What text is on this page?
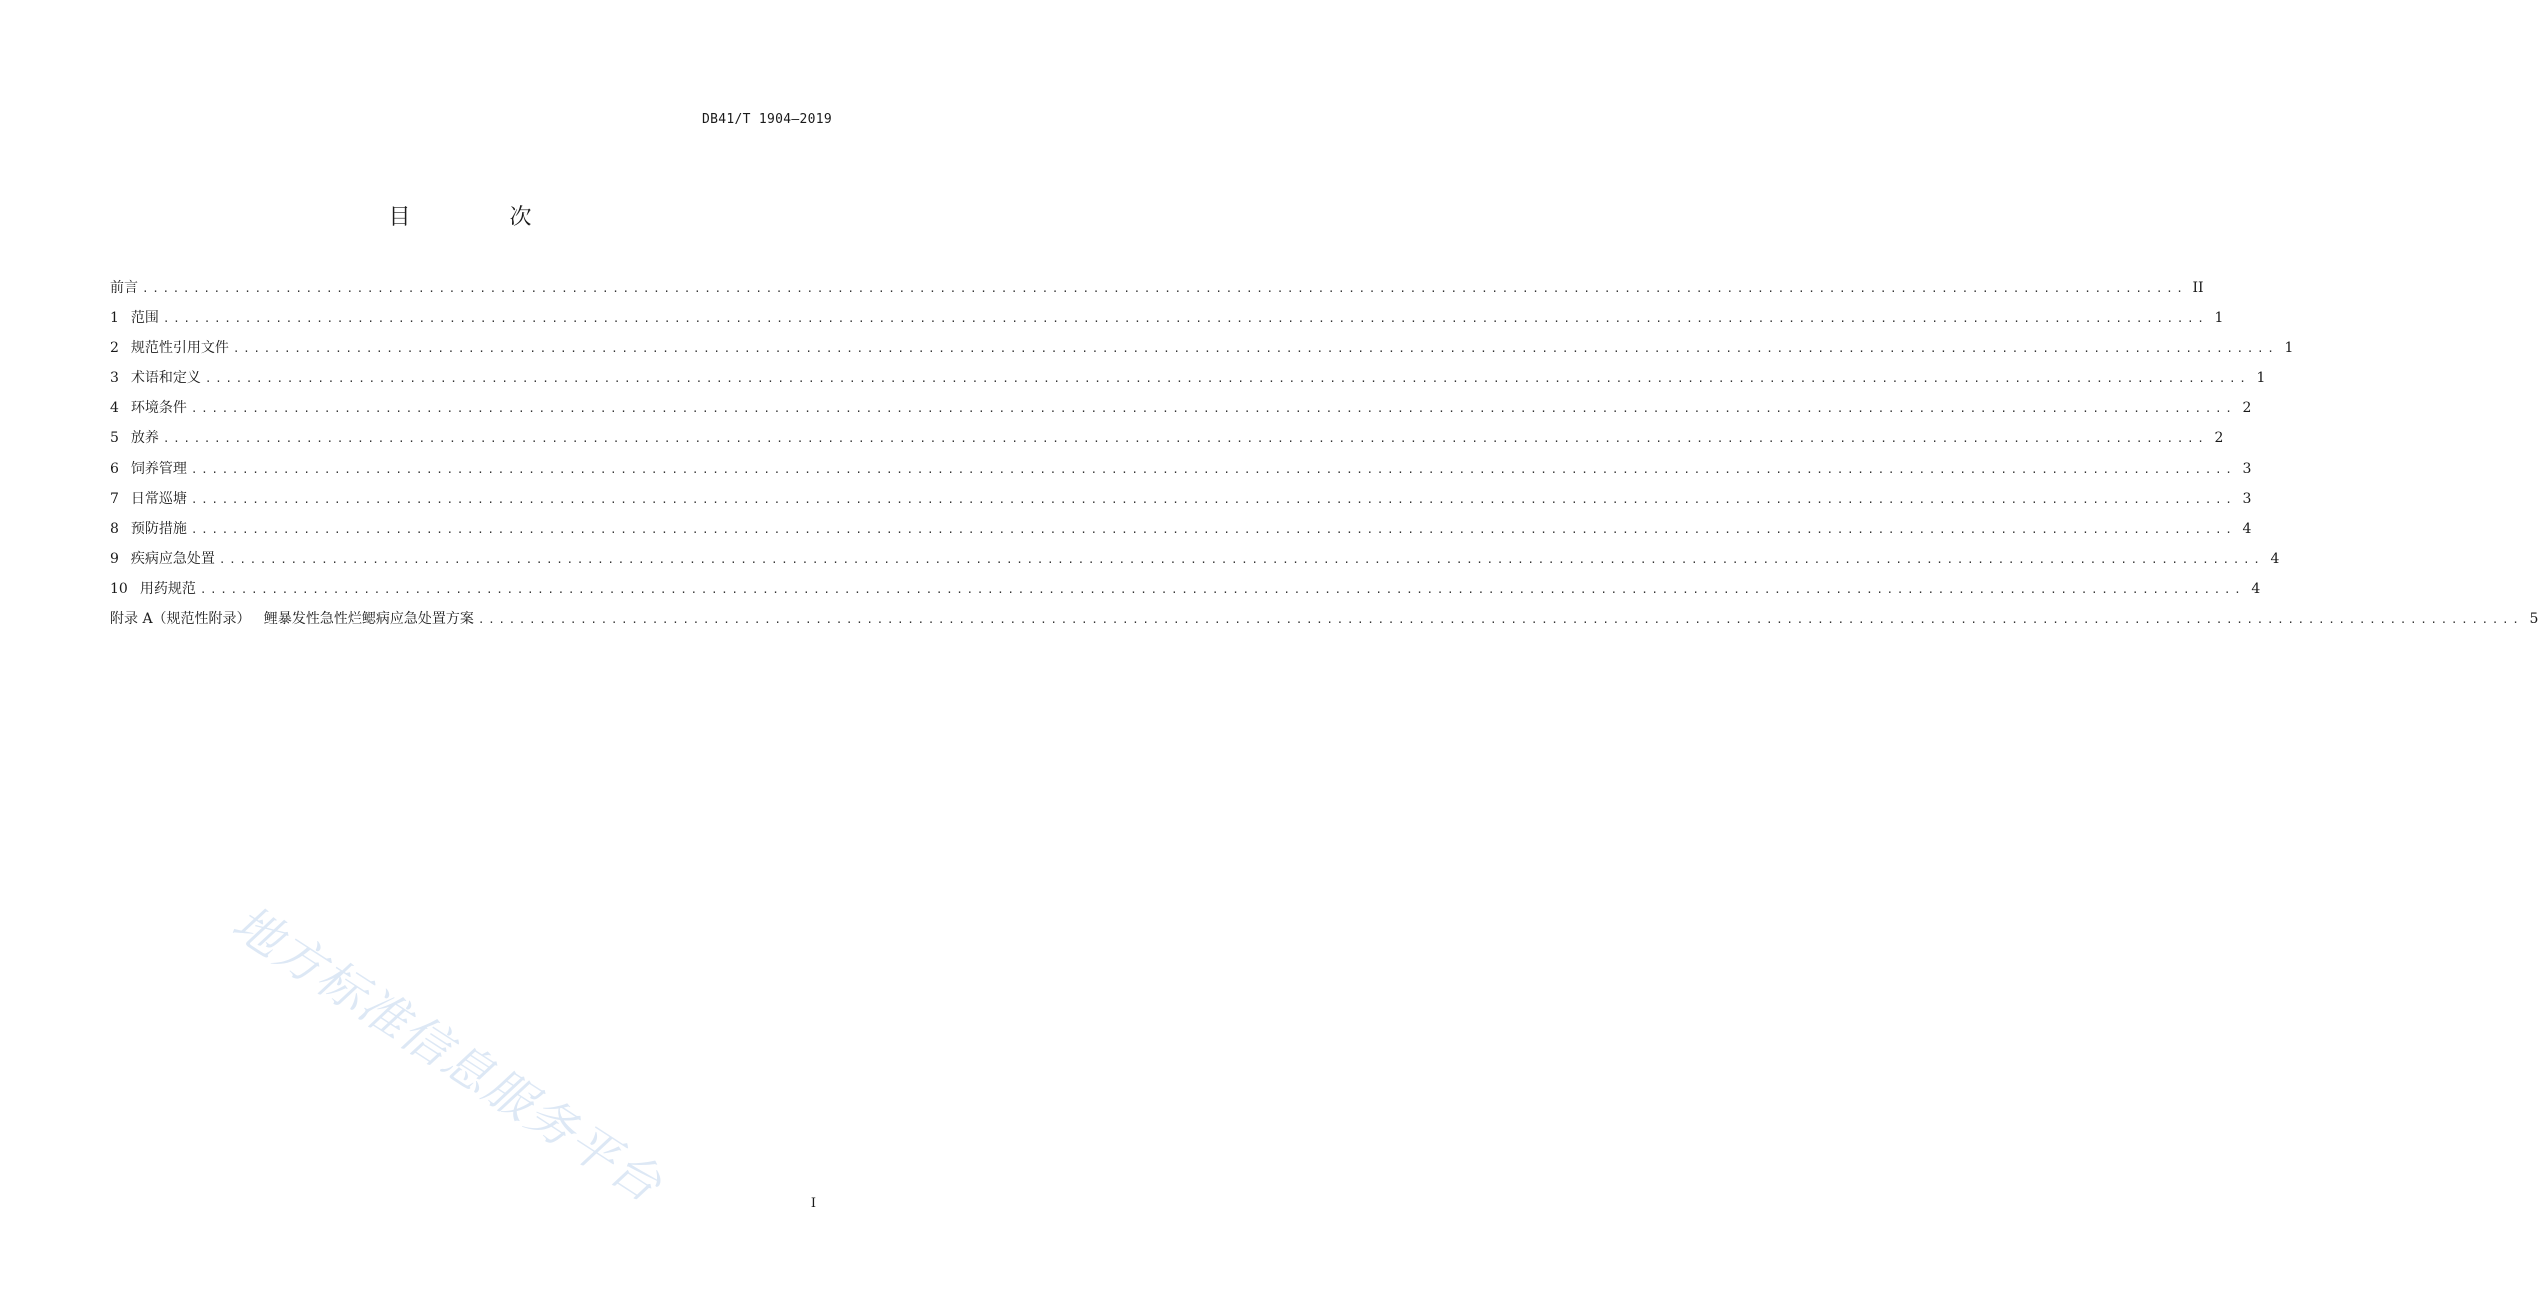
DB41/T 1904—2019
目 次
前言 ........................................................................................................................................................................................................ II
1 范围 ........................................................................................................................................................................................................ 1
2 规范性引用文件 ........................................................................................................................................................................................................ 1
3 术语和定义 ........................................................................................................................................................................................................ 1
4 环境条件 ........................................................................................................................................................................................................ 2
5 放养 ........................................................................................................................................................................................................ 2
6 饲养管理 ........................................................................................................................................................................................................ 3
7 日常巡塘 ........................................................................................................................................................................................................ 3
8 预防措施 ........................................................................................................................................................................................................ 4
9 疾病应急处置 ........................................................................................................................................................................................................ 4
10 用药规范 ........................................................................................................................................................................................................ 4
附录 A（规范性附录）   鲤暴发性急性烂鳃病应急处置方案 ........................................................................................................................................................................................................ 5
地方标准信息服务平台	I
